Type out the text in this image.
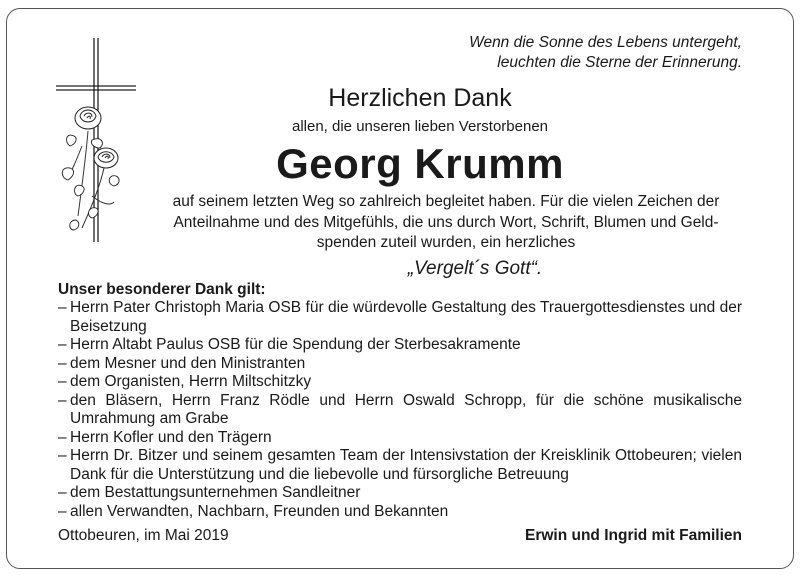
Wenn die Sonne des Lebens untergeht,
leuchten die Sterne der Erinnerung.
Herzlichen Dank
allen, die unseren lieben Verstorbenen
Georg Krumm
auf seinem letzten Weg so zahlreich begleitet haben. Für die vielen Zeichen der
Anteilnahme und des Mitgefühls, die uns durch Wort, Schrift, Blumen und Geld-
spenden zuteil wurden, ein herzliches
„Vergelt´s Gott“.
Unser besonderer Dank gilt:
– Herrn Pater Christoph Maria OSB für die würdevolle Gestaltung des Trauergottesdienstes und der Beisetzung
– Herrn Altabt Paulus OSB für die Spendung der Sterbesakramente
– dem Mesner und den Ministranten
– dem Organisten, Herrn Miltschitzky
– den Bläsern, Herrn Franz Rödle und Herrn Oswald Schropp, für die schöne musikalische Umrahmung am Grabe
– Herrn Kofler und den Trägern
– Herrn Dr. Bitzer und seinem gesamten Team der Intensivstation der Kreisklinik Ottobeuren; vielen Dank für die Unterstützung und die liebevolle und fürsorgliche Betreuung
– dem Bestattungsunternehmen Sandleitner
– allen Verwandten, Nachbarn, Freunden und Bekannten
Ottobeuren, im Mai 2019	Erwin und Ingrid mit Familien
